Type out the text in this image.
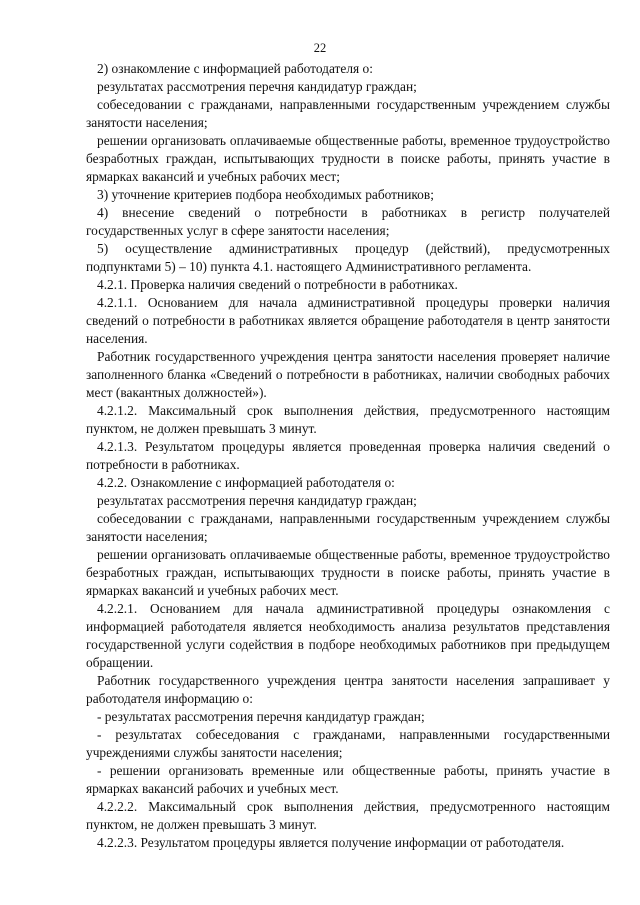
22

2) ознакомление с информацией работодателя о:

результатах рассмотрения перечня кандидатур граждан;

собеседовании с гражданами, направленными государственным учреждением службы занятости населения;

решении организовать оплачиваемые общественные работы, временное трудоустройство безработных граждан, испытывающих трудности в поиске работы, принять участие в ярмарках вакансий и учебных рабочих мест;

3) уточнение критериев подбора необходимых работников;

4) внесение сведений о потребности в работниках в регистр получателей государственных услуг в сфере занятости населения;

5) осуществление административных процедур (действий), предусмотренных подпунктами 5) – 10) пункта 4.1. настоящего Административного регламента.

4.2.1. Проверка наличия сведений о потребности в работниках.

4.2.1.1. Основанием для начала административной процедуры проверки наличия сведений о потребности в работниках является обращение работодателя в центр занятости населения.

Работник государственного учреждения центра занятости населения проверяет наличие заполненного бланка «Сведений о потребности в работниках, наличии свободных рабочих мест (вакантных должностей»).

4.2.1.2. Максимальный срок выполнения действия, предусмотренного настоящим пунктом, не должен превышать 3 минут.

4.2.1.3. Результатом процедуры является проведенная проверка наличия сведений о потребности в работниках.

4.2.2. Ознакомление с информацией работодателя о:

результатах рассмотрения перечня кандидатур граждан;

собеседовании с гражданами, направленными государственным учреждением службы занятости населения;

решении организовать оплачиваемые общественные работы, временное трудоустройство безработных граждан, испытывающих трудности в поиске работы, принять участие в ярмарках вакансий и учебных рабочих мест.

4.2.2.1. Основанием для начала административной процедуры ознакомления с информацией работодателя является необходимость анализа результатов представления государственной услуги содействия в подборе необходимых работников при предыдущем обращении.

Работник государственного учреждения центра занятости населения запрашивает у работодателя информацию о:

- результатах рассмотрения перечня кандидатур граждан;

- результатах собеседования с гражданами, направленными государственными учреждениями службы занятости населения;

- решении организовать временные или общественные работы, принять участие в ярмарках вакансий рабочих и учебных мест.

4.2.2.2. Максимальный срок выполнения действия, предусмотренного настоящим пунктом, не должен превышать 3 минут.

4.2.2.3. Результатом процедуры является получение информации от работодателя.
